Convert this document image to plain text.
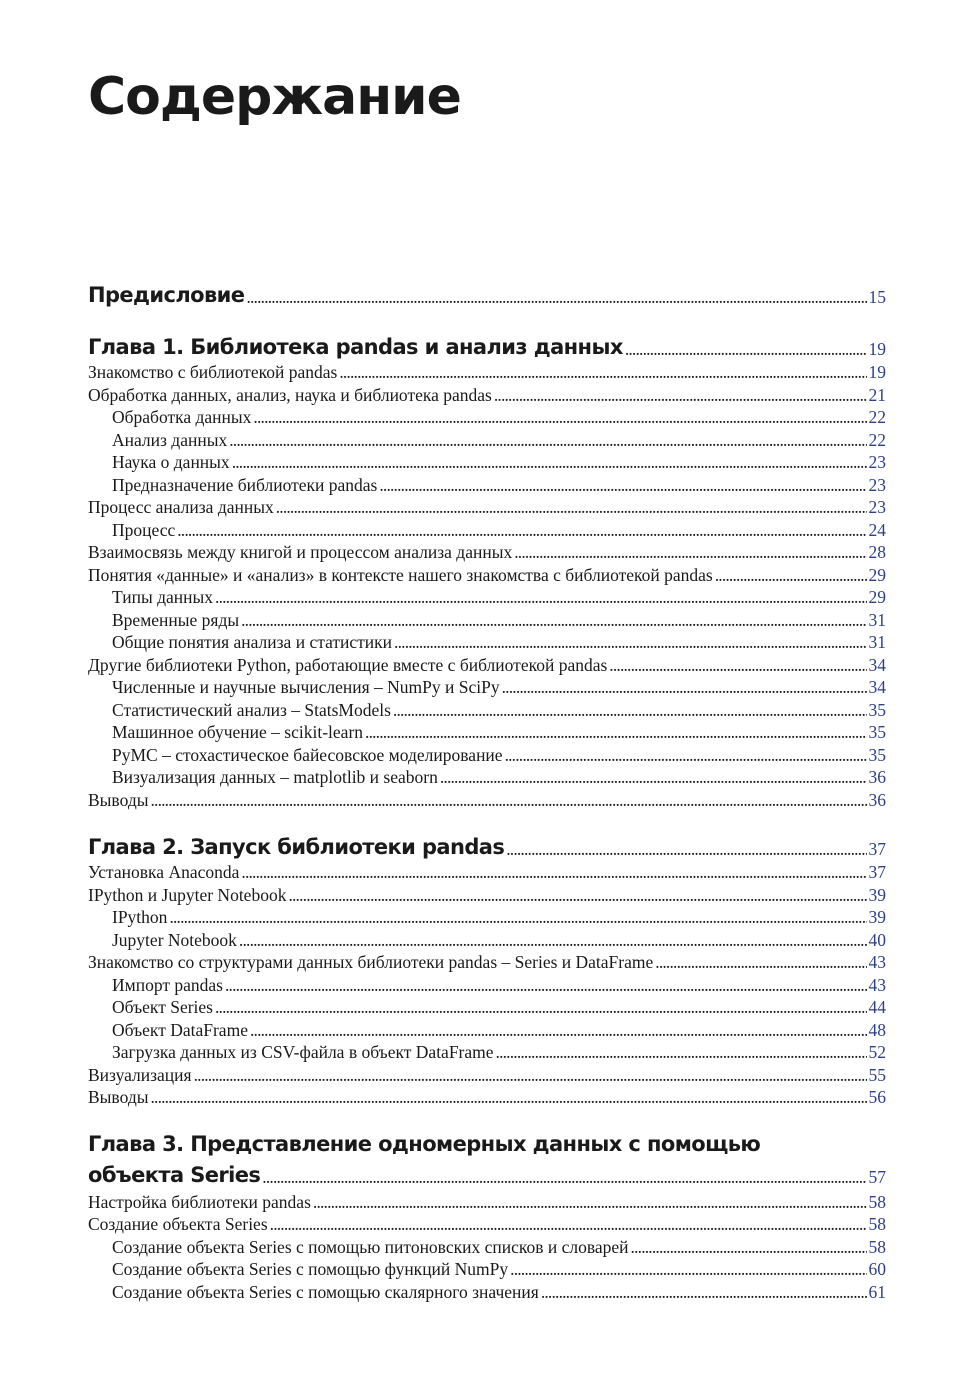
Содержание
Предисловие . . .	15
Глава 1. Библиотека pandas и анализ данных . . .	19
Знакомство с библиотекой pandas . . .	19
Обработка данных, анализ, наука и библиотека pandas . . .	21
Обработка данных . . .	22
Анализ данных . . .	22
Наука о данных . . .	23
Предназначение библиотеки pandas . . .	23
Процесс анализа данных . . .	23
Процесс . . .	24
Взаимосвязь между книгой и процессом анализа данных . . .	28
Понятия «данные» и «анализ» в контексте нашего знакомства с библиотекой pandas . . .	29
Типы данных . . .	29
Временные ряды . . .	31
Общие понятия анализа и статистики . . .	31
Другие библиотеки Python, работающие вместе с библиотекой pandas . . .	34
Численные и научные вычисления – NumPy и SciPy . . .	34
Статистический анализ – StatsModels . . .	35
Машинное обучение – scikit-learn . . .	35
PyMC – стохастическое байесовское моделирование . . .	35
Визуализация данных – matplotlib и seaborn . . .	36
Выводы . . .	36
Глава 2. Запуск библиотеки pandas . . .	37
Установка Anaconda . . .	37
IPython и Jupyter Notebook . . .	39
IPython . . .	39
Jupyter Notebook . . .	40
Знакомство со структурами данных библиотеки pandas – Series и DataFrame . . .	43
Импорт pandas . . .	43
Объект Series . . .	44
Объект DataFrame . . .	48
Загрузка данных из CSV-файла в объект DataFrame . . .	52
Визуализация . . .	55
Выводы . . .	56
Глава 3. Представление одномерных данных с помощью
объекта Series . . .	57
Настройка библиотеки pandas . . .	58
Создание объекта Series . . .	58
Создание объекта Series с помощью питоновских списков и словарей . . .	58
Создание объекта Series с помощью функций NumPy . . .	60
Создание объекта Series с помощью скалярного значения . . .	61
